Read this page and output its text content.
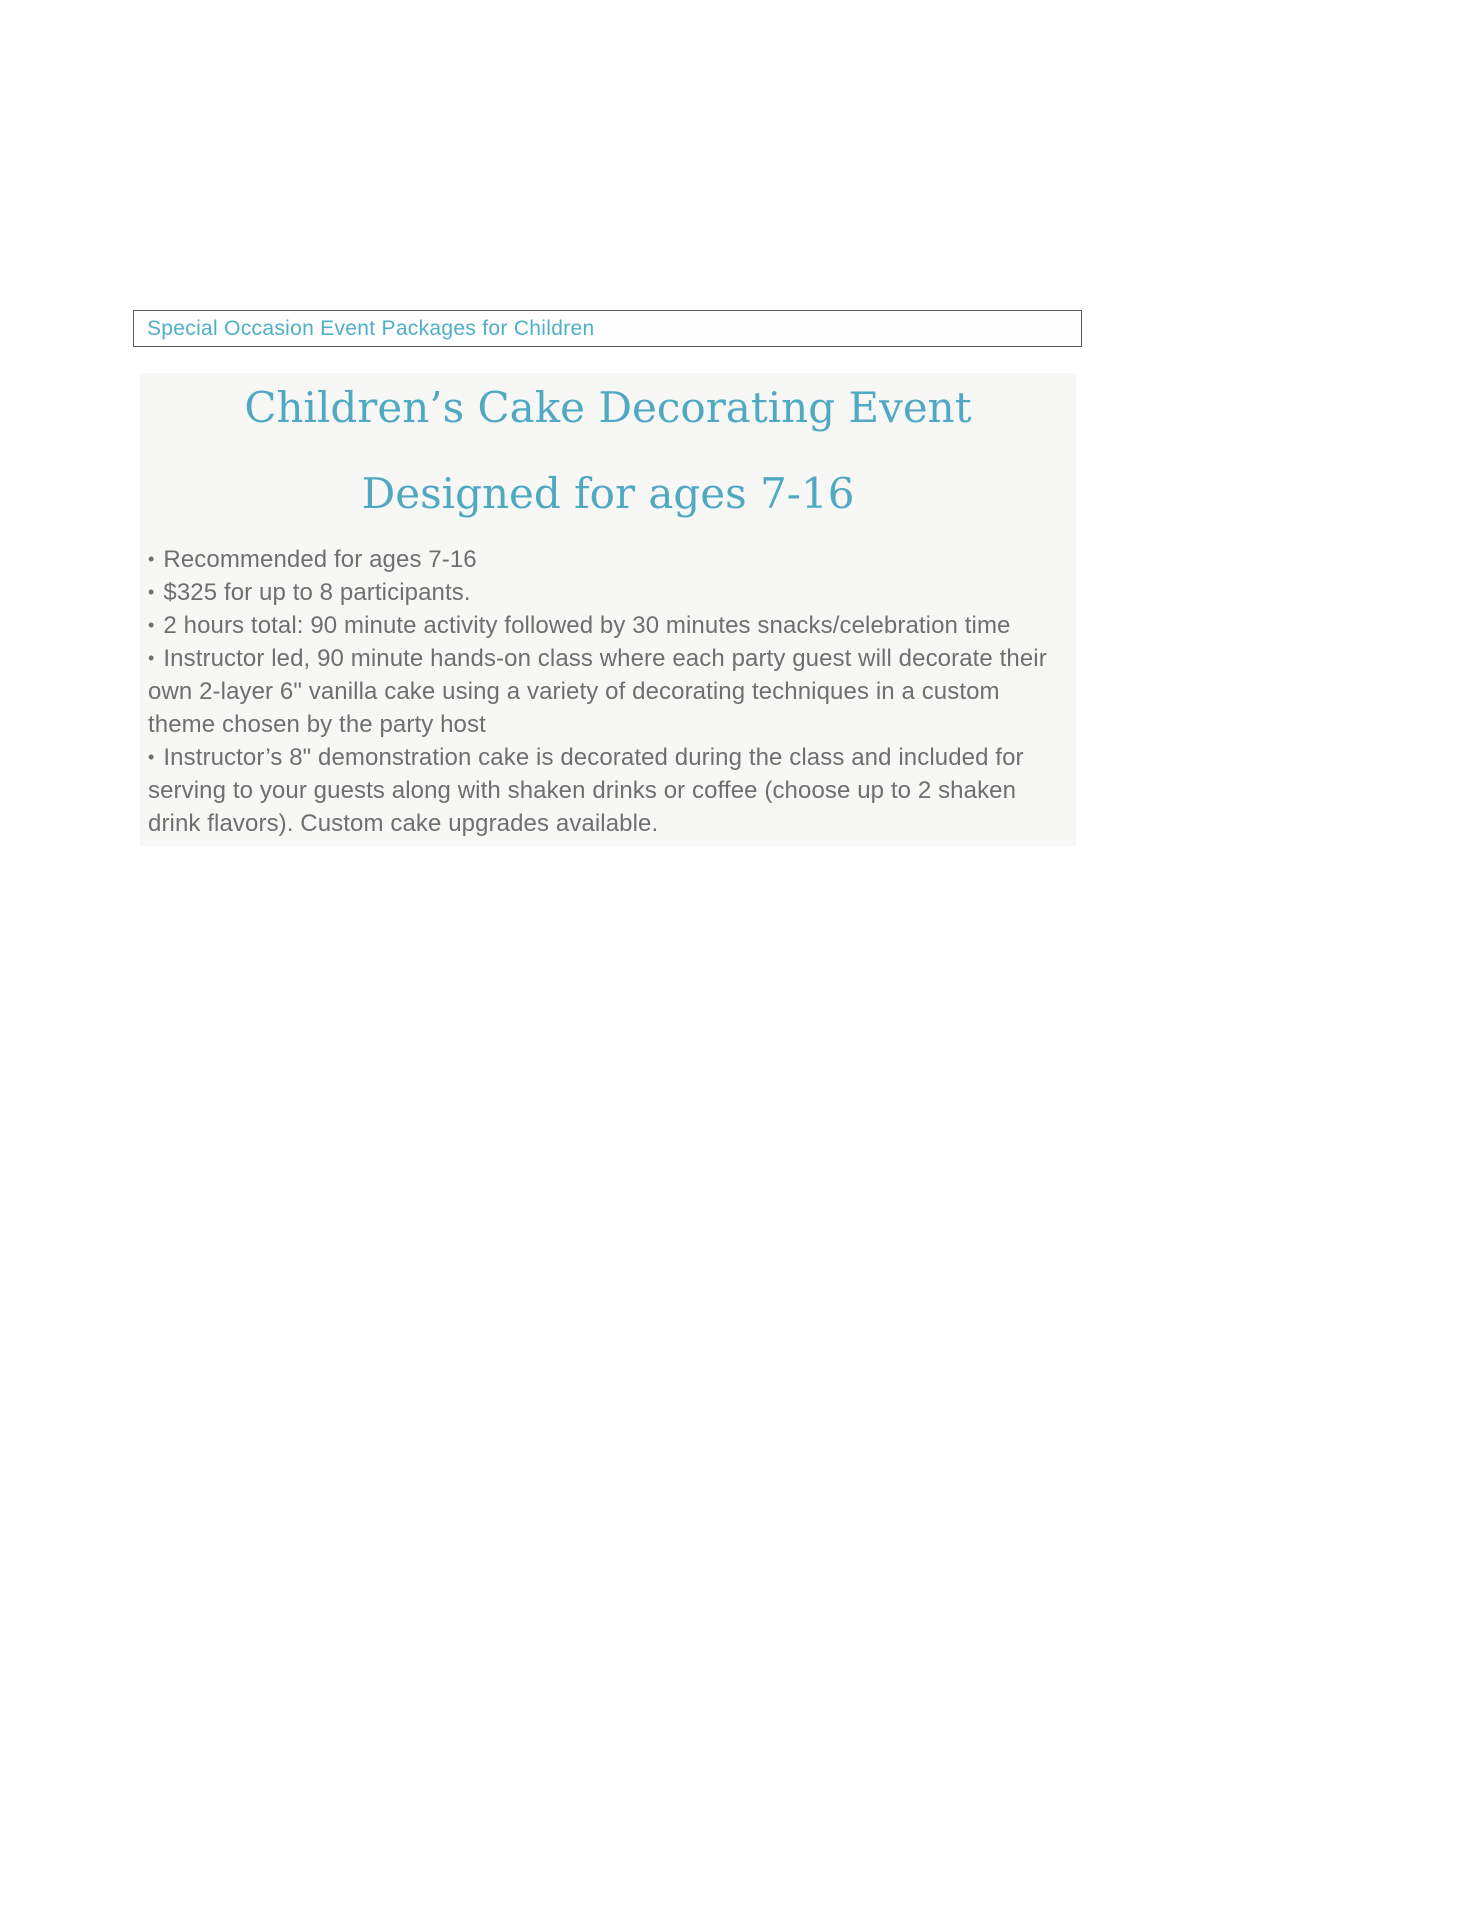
Special Occasion Event Packages for Children
Children’s Cake Decorating Event
Designed for ages 7-16

• Recommended for ages 7-16

• $325 for up to 8 participants.

• 2 hours total: 90 minute activity followed by 30 minutes snacks/celebration time

• Instructor led, 90 minute hands-on class where each party guest will decorate their own 2-layer 6" vanilla cake using a variety of decorating techniques in a custom theme chosen by the party host

• Instructor’s 8" demonstration cake is decorated during the class and included for serving to your guests along with shaken drinks or coffee (choose up to 2 shaken drink flavors). Custom cake upgrades available.
